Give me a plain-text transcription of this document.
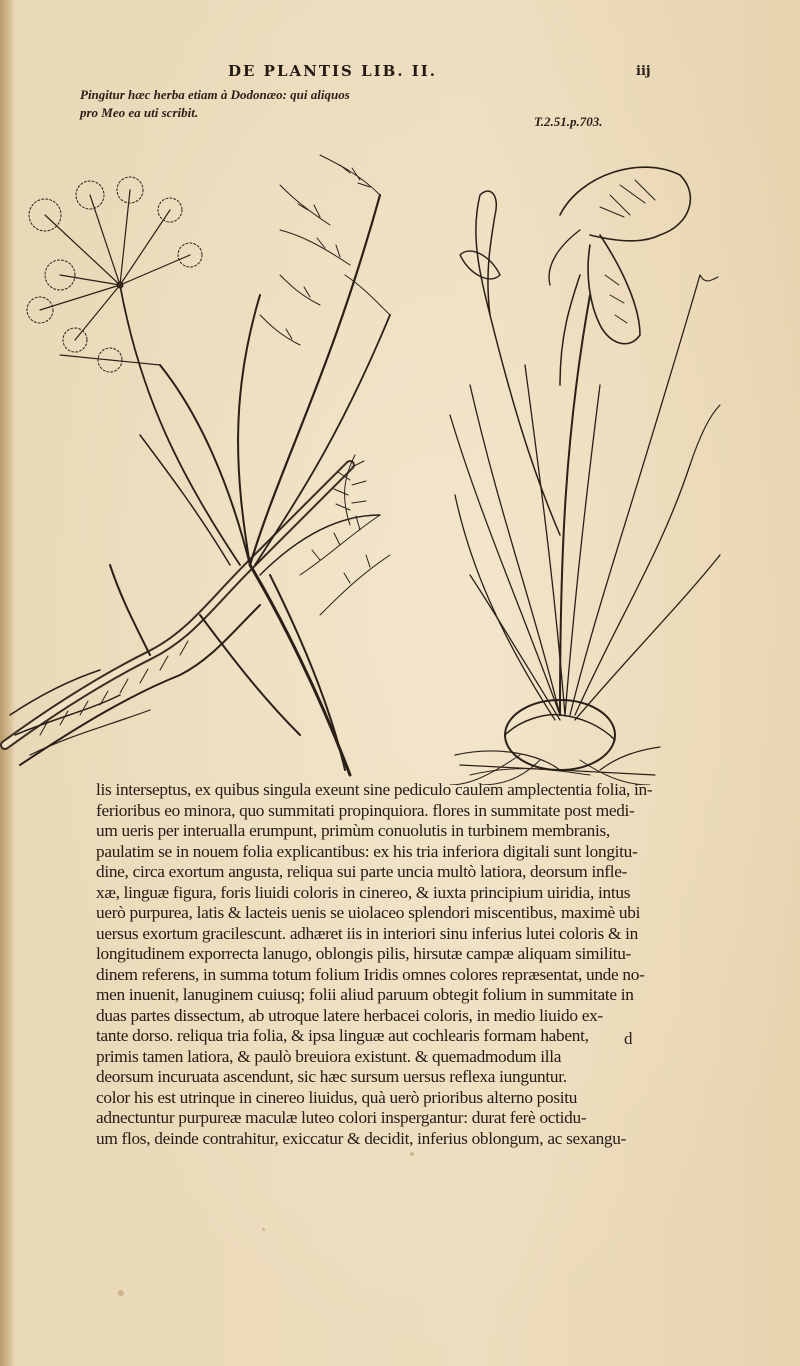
DE PLANTIS LIB. II.	iij
Pingitur hæc herba etiam à Dodonæo: qui aliquos
pro Meo ea uti scribit.
T.2.51.p.703.
lis interseptus, ex quibus singula exeunt sine pediculo caulem amplectentia folia, in-
ferioribus eo minora, quo summitati propinquiora. flores in summitate post medi-
um ueris per interualla erumpunt, primùm conuolutis in turbinem membranis,
paulatim se in nouem folia explicantibus: ex his tria inferiora digitali sunt longitu-
dine, circa exortum angusta, reliqua sui parte uncia multò latiora, deorsum infle-
xæ, linguæ figura, foris liuidi coloris in cinereo, & iuxta principium uiridia, intus
uerò purpurea, latis & lacteis uenis se uiolaceo splendori miscentibus, maximè ubi
uersus exortum gracilescunt. adhæret iis in interiori sinu inferius lutei coloris & in
longitudinem exporrecta lanugo, oblongis pilis, hirsutæ campæ aliquam similitu-
dinem referens, in summa totum folium Iridis omnes colores repræsentat, unde no-
men inuenit, lanuginem cuiusq; folii aliud paruum obtegit folium in summitate in
duas partes dissectum, ab utroque latere herbacei coloris, in medio liuido ex-
tante dorso. reliqua tria folia, & ipsa linguæ aut cochlearis formam habent,
primis tamen latiora, & paulò breuiora existunt. & quemadmodum illa
deorsum incuruata ascendunt, sic hæc sursum uersus reflexa iunguntur.
color his est utrinque in cinereo liuidus, quà uerò prioribus alterno positu
adnectuntur purpureæ maculæ luteo colori inspergantur: durat ferè octidu-
um flos, deinde contrahitur, exiccatur & decidit, inferius oblongum, ac sexangu-
d
